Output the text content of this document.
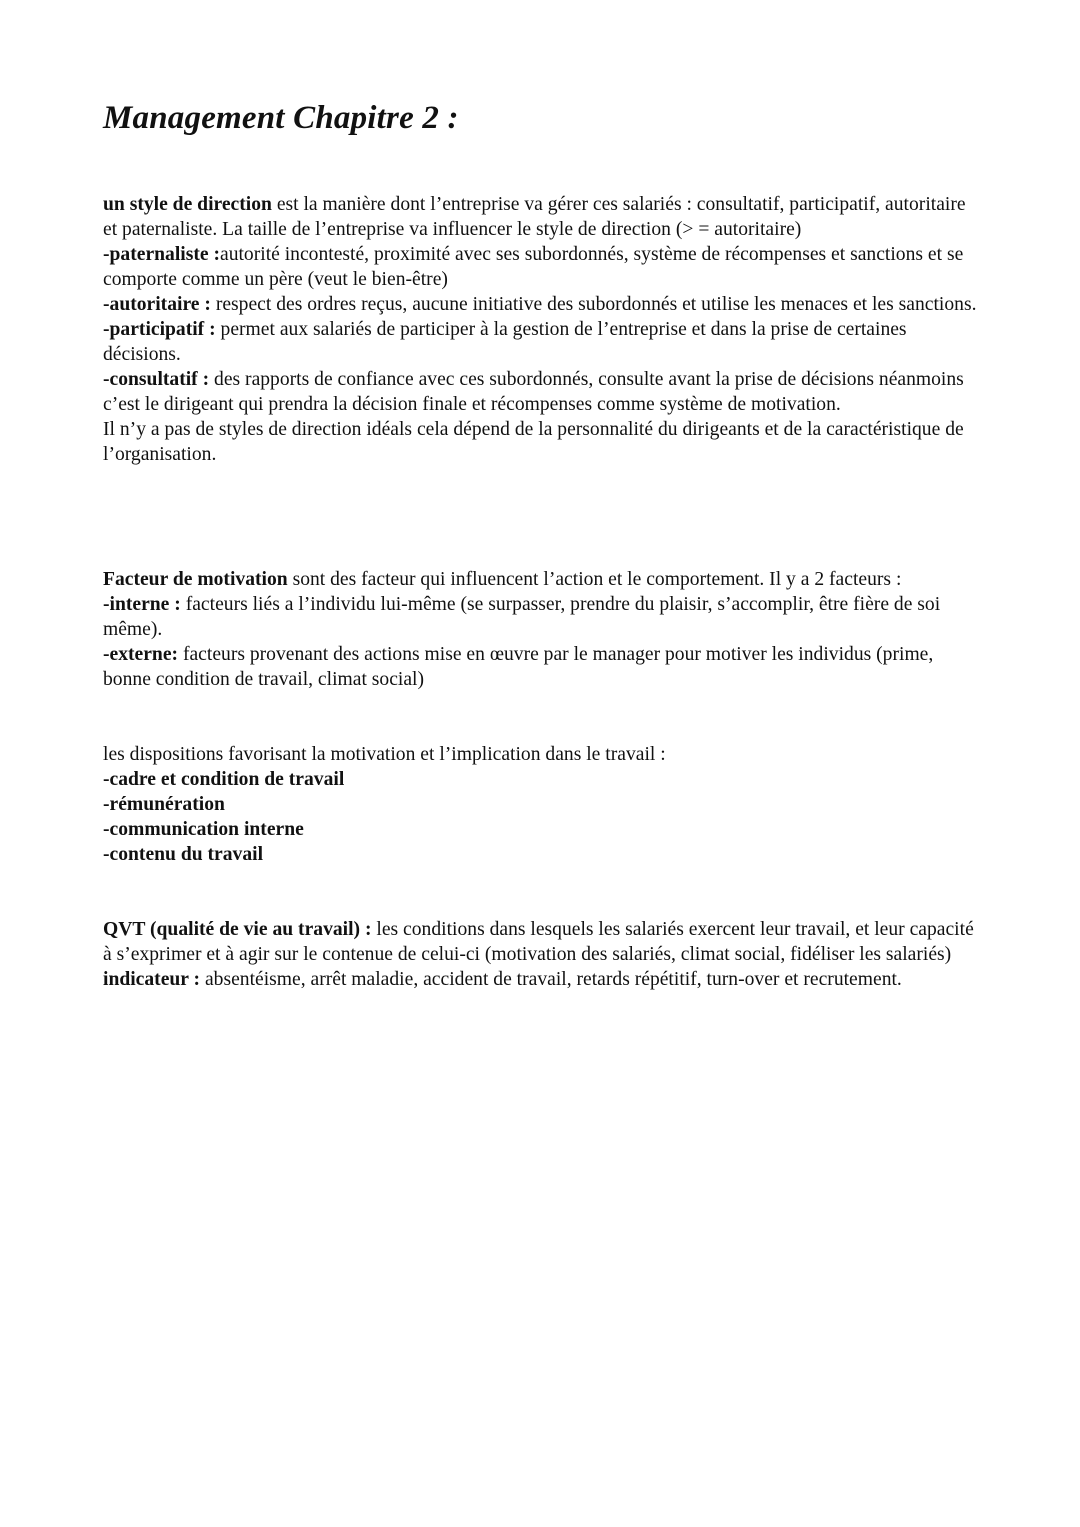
Management Chapitre 2 :

un style de direction est la manière dont l’entreprise va gérer ces salariés : consultatif, participatif, autoritaire et paternaliste. La taille de l’entreprise va influencer le style de direction (> = autoritaire)

-paternaliste :autorité incontesté, proximité avec ses subordonnés, système de récompenses et sanctions et se comporte comme un père (veut le bien-être)

-autoritaire : respect des ordres reçus, aucune initiative des subordonnés et utilise les menaces et les sanctions.

-participatif : permet aux salariés de participer à la gestion de l’entreprise et dans la prise de certaines décisions.

-consultatif : des rapports de confiance avec ces subordonnés, consulte avant la prise de décisions néanmoins c’est le dirigeant qui prendra la décision finale et récompenses comme système de motivation.

Il n’y a pas de styles de direction idéals cela dépend de la personnalité du dirigeants et de la caractéristique de l’organisation.

Facteur de motivation sont des facteur qui influencent l’action et le comportement. Il y a 2 facteurs :

-interne : facteurs liés a l’individu lui-même (se surpasser, prendre du plaisir, s’accomplir, être fière de soi même).

-externe: facteurs provenant des actions mise en œuvre par le manager pour motiver les individus (prime, bonne condition de travail, climat social)

les dispositions favorisant la motivation et l’implication dans le travail :

-cadre et condition de travail

-rémunération

-communication interne

-contenu du travail

QVT (qualité de vie au travail) : les conditions dans lesquels les salariés exercent leur travail, et leur capacité à s’exprimer et à agir sur le contenue de celui-ci (motivation des salariés, climat social, fidéliser les salariés)

indicateur : absentéisme, arrêt maladie, accident de travail, retards répétitif, turn-over et recrutement.
